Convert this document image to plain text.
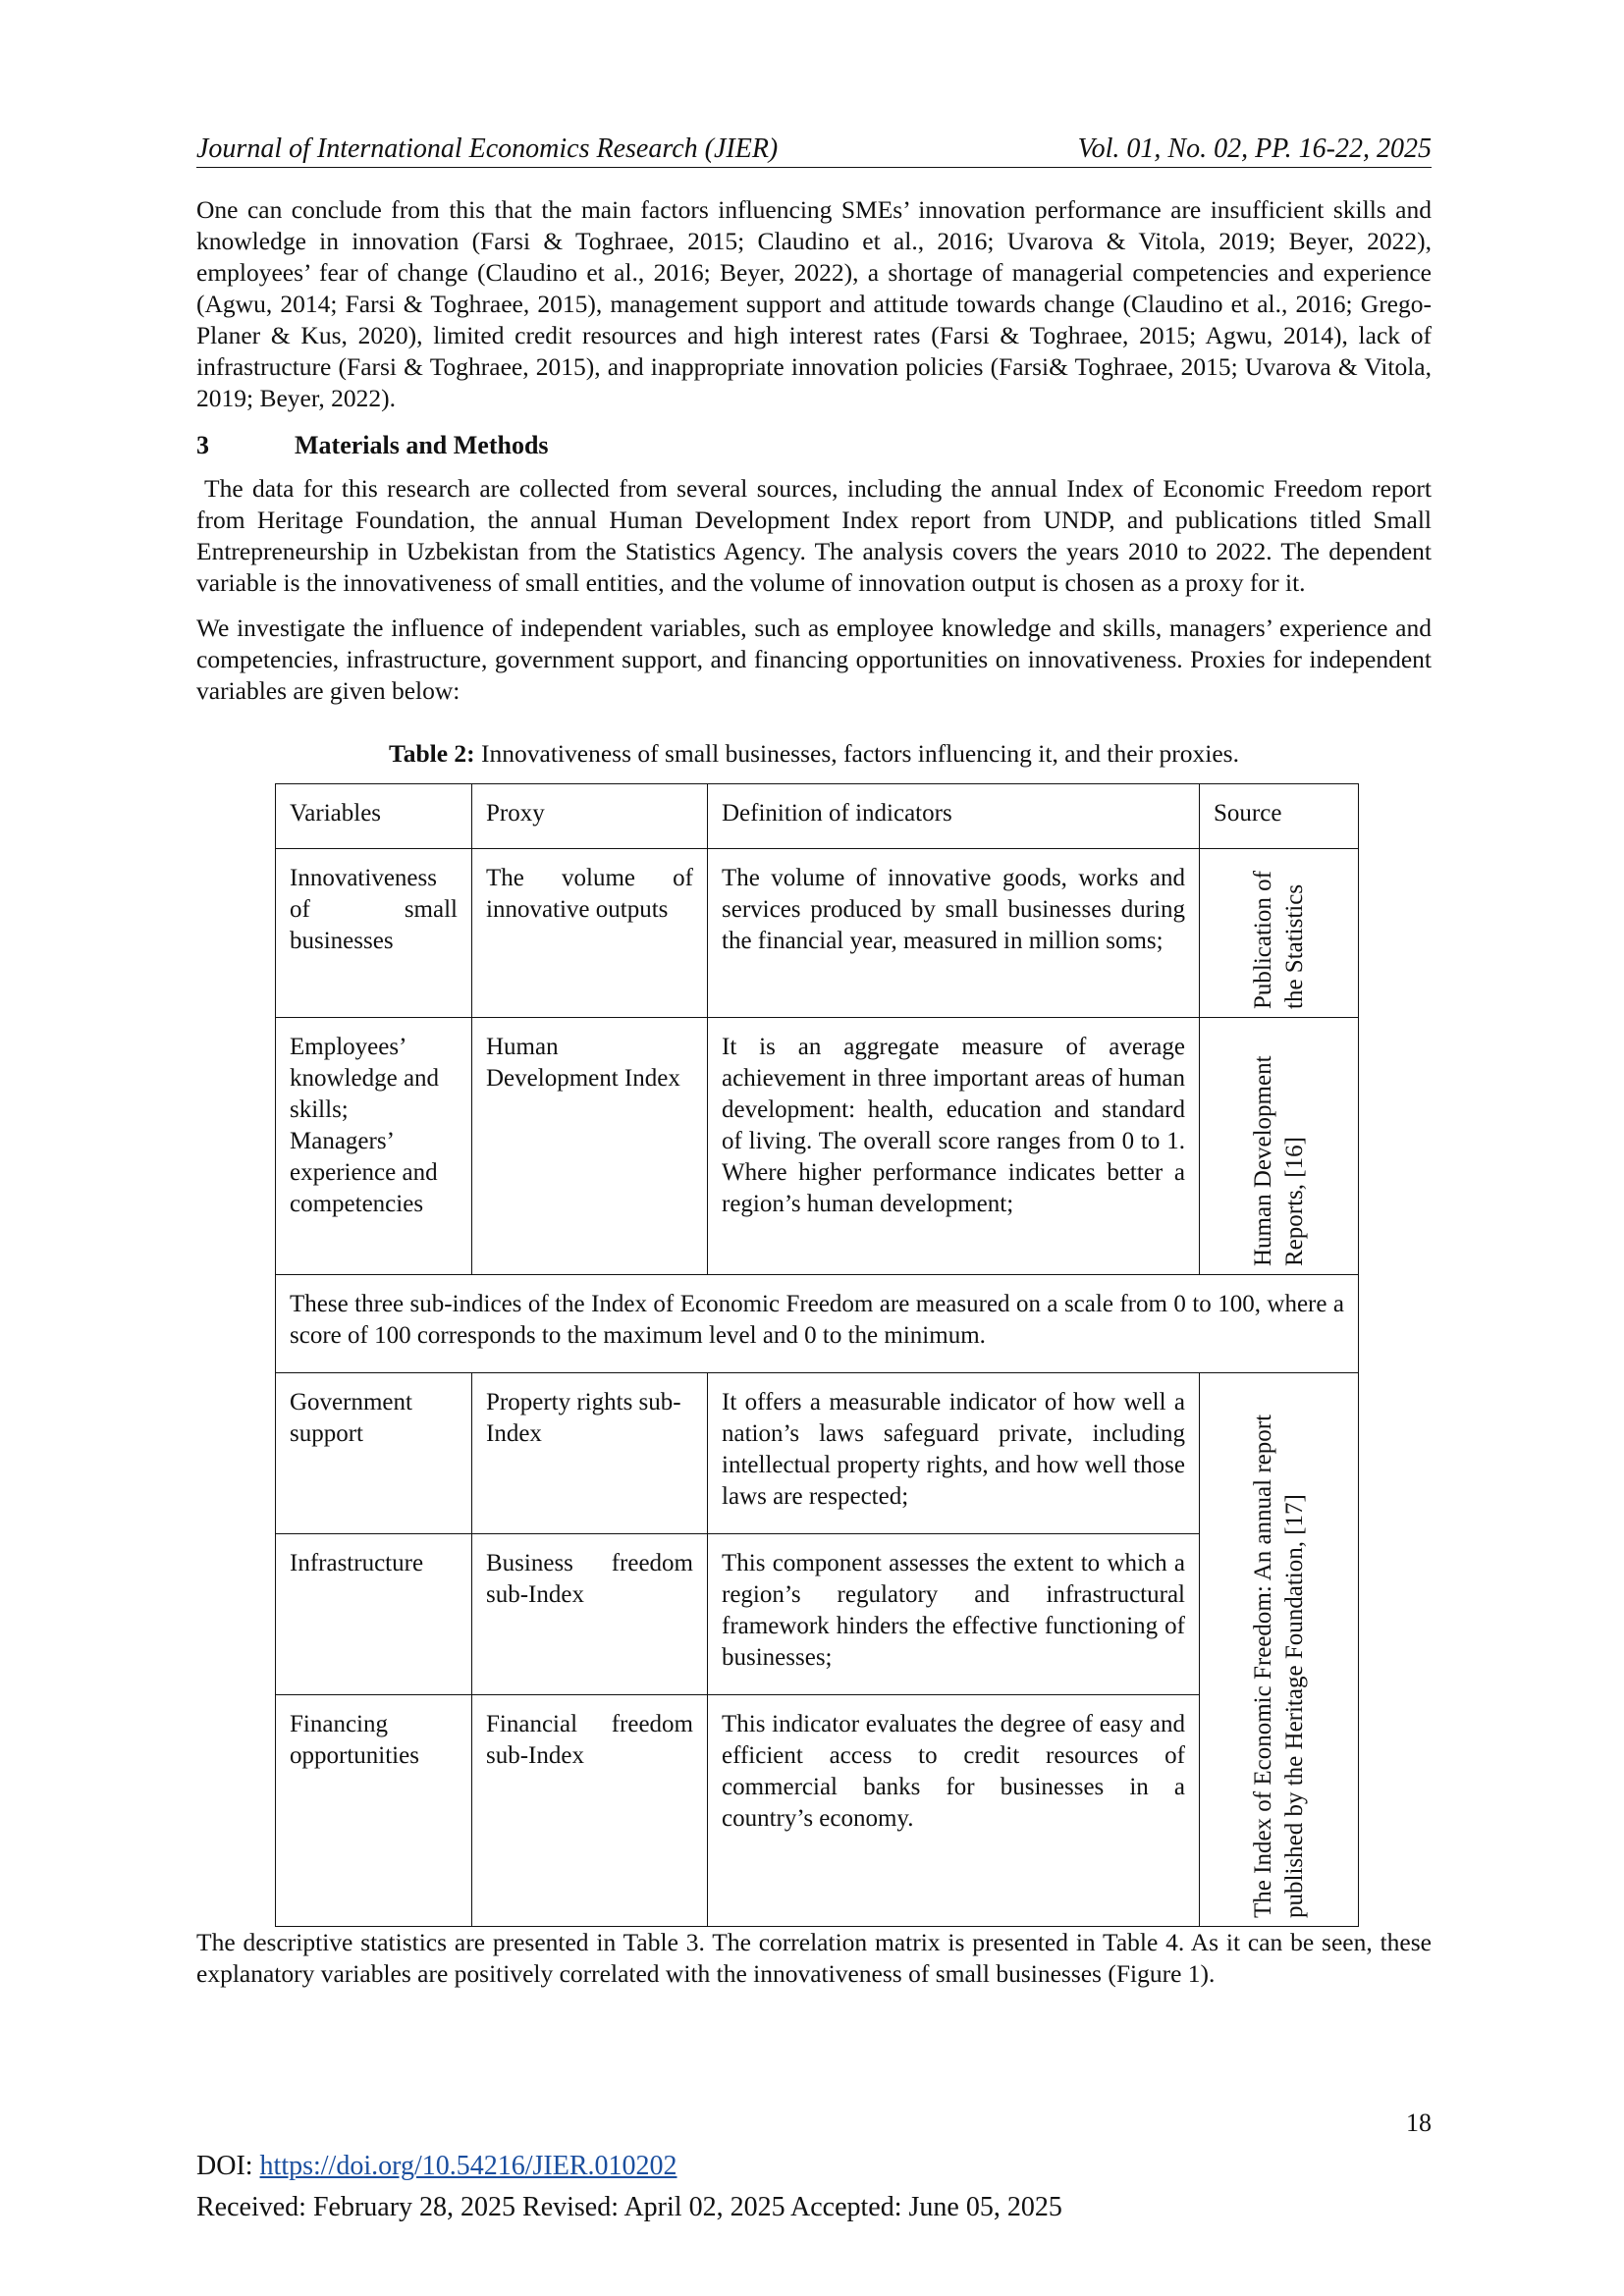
Journal of International Economics Research (JIER)	Vol. 01, No. 02, PP. 16-22, 2025

One can conclude from this that the main factors influencing SMEs’ innovation performance are insufficient skills and knowledge in innovation (Farsi & Toghraee, 2015; Claudino et al., 2016; Uvarova & Vitola, 2019; Beyer, 2022), employees’ fear of change (Claudino et al., 2016; Beyer, 2022), a shortage of managerial competencies and experience (Agwu, 2014; Farsi & Toghraee, 2015), management support and attitude towards change (Claudino et al., 2016; Grego-Planer & Kus, 2020), limited credit resources and high interest rates (Farsi & Toghraee, 2015; Agwu, 2014), lack of infrastructure (Farsi & Toghraee, 2015), and inappropriate innovation policies (Farsi& Toghraee, 2015; Uvarova & Vitola, 2019; Beyer, 2022).

3	Materials and Methods

The data for this research are collected from several sources, including the annual Index of Economic Freedom report from Heritage Foundation, the annual Human Development Index report from UNDP, and publications titled Small Entrepreneurship in Uzbekistan from the Statistics Agency. The analysis covers the years 2010 to 2022. The dependent variable is the innovativeness of small entities, and the volume of innovation output is chosen as a proxy for it.

We investigate the influence of independent variables, such as employee knowledge and skills, managers’ experience and competencies, infrastructure, government support, and financing opportunities on innovativeness. Proxies for independent variables are given below:

Table 2: Innovativeness of small businesses, factors influencing it, and their proxies.
Variables	Proxy	Definition of indicators	Source
Innovativeness of small businesses	The volume of innovative outputs	The volume of innovative goods, works and services produced by small businesses during the financial year, measured in million soms;	Publication of the Statistics

Employees’ knowledge and skills; Managers’ experience and competencies	Human Development Index	It is an aggregate measure of average achievement in three important areas of human development: health, education and standard of living. The overall score ranges from 0 to 1. Where higher performance indicates better a region’s human development;	Human Development Reports, [16]

These three sub-indices of the Index of Economic Freedom are measured on a scale from 0 to 100, where a score of 100 corresponds to the maximum level and 0 to the minimum.			
Government support	Property rights sub-Index	It offers a measurable indicator of how well a nation’s laws safeguard private, including intellectual property rights, and how well those laws are respected;	The Index of Economic Freedom: An annual report published by the Heritage Foundation, [17]

Infrastructure	Business freedom sub-Index	This component assesses the extent to which a region’s regulatory and infrastructural framework hinders the effective functioning of businesses;	
Financing opportunities	Financial freedom sub-Index	This indicator evaluates the degree of easy and efficient access to credit resources of commercial banks for businesses in a country’s economy.	

The descriptive statistics are presented in Table 3. The correlation matrix is presented in Table 4. As it can be seen, these explanatory variables are positively correlated with the innovativeness of small businesses (Figure 1).

18
DOI: https://doi.org/10.54216/JIER.010202
Received: February 28, 2025 Revised: April 02, 2025 Accepted: June 05, 2025
